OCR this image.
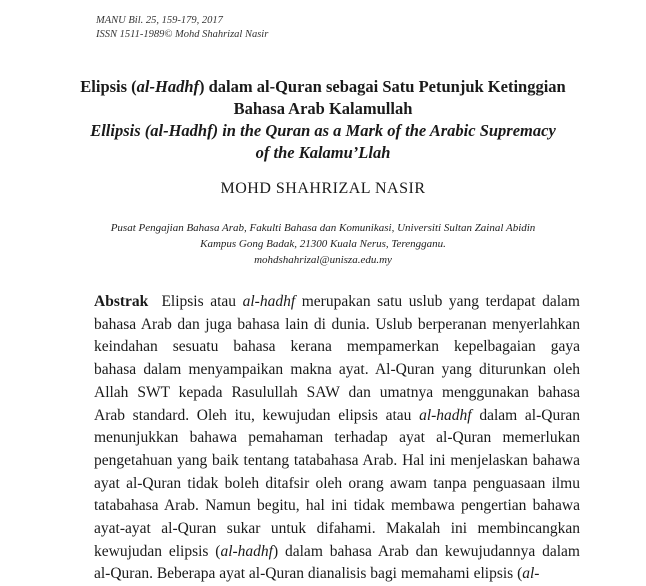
MANU Bil. 25, 159-179, 2017
ISSN 1511-1989© Mohd Shahrizal Nasir
Elipsis (al-Hadhf) dalam al-Quran sebagai Satu Petunjuk Ketinggian
Bahasa Arab Kalamullah
Ellipsis (al-Hadhf) in the Quran as a Mark of the Arabic Supremacy
of the Kalamu’Llah
MOHD SHAHRIZAL NASIR
Pusat Pengajian Bahasa Arab, Fakulti Bahasa dan Komunikasi, Universiti Sultan Zainal Abidin
Kampus Gong Badak, 21300 Kuala Nerus, Terengganu.
mohdshahrizal@unisza.edu.my
Abstrak Elipsis atau al-hadhf merupakan satu uslub yang terdapat dalam
bahasa Arab dan juga bahasa lain di dunia. Uslub berperanan menyerlahkan
keindahan sesuatu bahasa kerana mempamerkan kepelbagaian gaya
bahasa dalam menyampaikan makna ayat. Al-Quran yang diturunkan oleh
Allah SWT kepada Rasulullah SAW dan umatnya menggunakan bahasa
Arab standard. Oleh itu, kewujudan elipsis atau al-hadhf dalam al-Quran
menunjukkan bahawa pemahaman terhadap ayat al-Quran memerlukan
pengetahuan yang baik tentang tatabahasa Arab. Hal ini menjelaskan bahawa
ayat al-Quran tidak boleh ditafsir oleh orang awam tanpa penguasaan ilmu
tatabahasa Arab. Namun begitu, hal ini tidak membawa pengertian bahawa
ayat-ayat al-Quran sukar untuk difahami. Makalah ini membincangkan
kewujudan elipsis (al-hadhf) dalam bahasa Arab dan kewujudannya dalam
al-Quran. Beberapa ayat al-Quran dianalisis bagi memahami elipsis (al-
